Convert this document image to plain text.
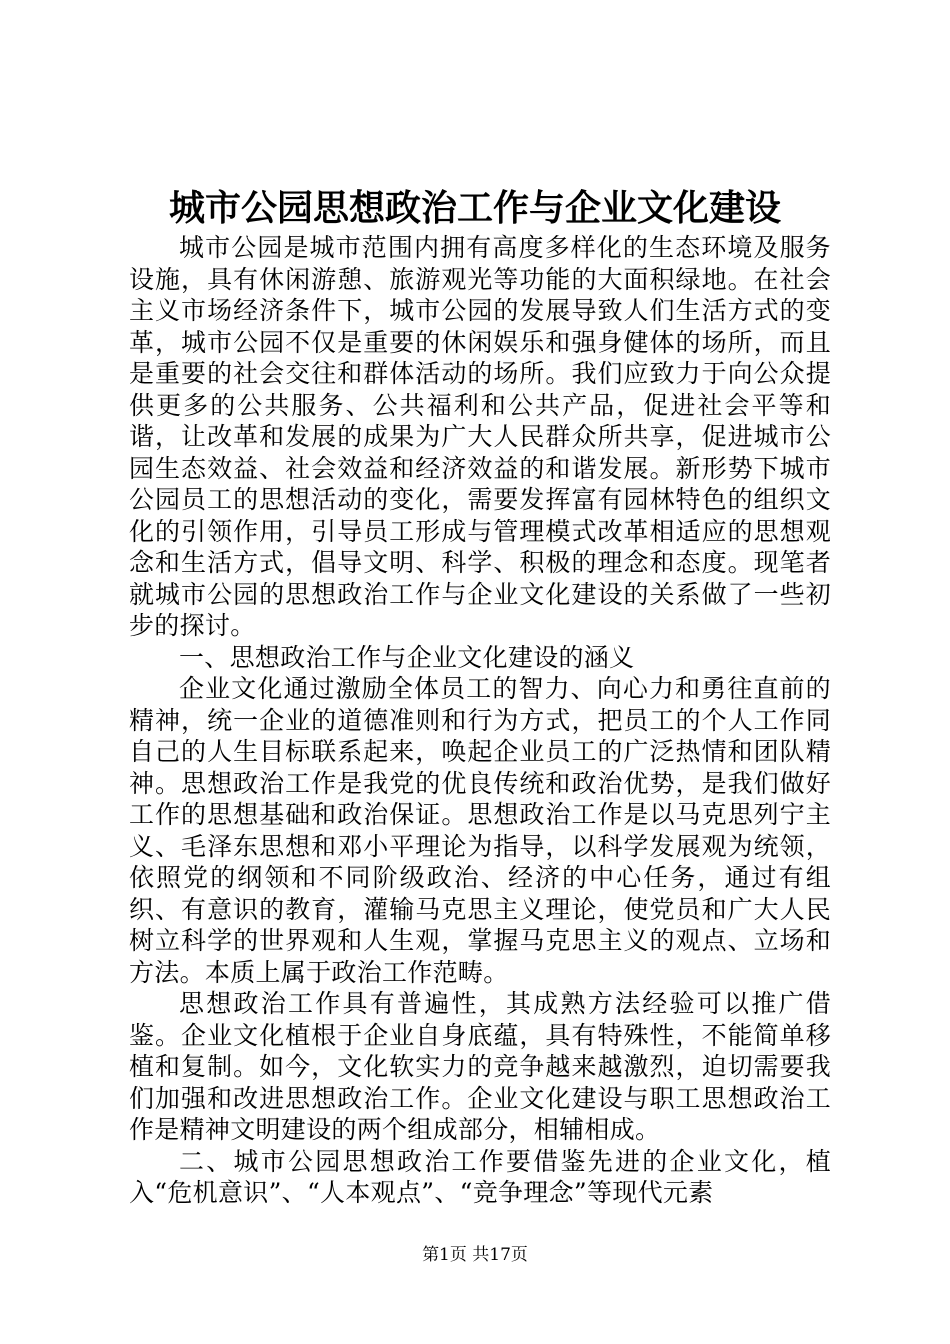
城市公园思想政治工作与企业文化建设

城市公园是城市范围内拥有高度多样化的生态环境及服务设施，具有休闲游憩、旅游观光等功能的大面积绿地。在社会主义市场经济条件下，城市公园的发展导致人们生活方式的变革，城市公园不仅是重要的休闲娱乐和强身健体的场所，而且是重要的社会交往和群体活动的场所。我们应致力于向公众提供更多的公共服务、公共福利和公共产品，促进社会平等和谐，让改革和发展的成果为广大人民群众所共享，促进城市公园生态效益、社会效益和经济效益的和谐发展。新形势下城市公园员工的思想活动的变化，需要发挥富有园林特色的组织文化的引领作用，引导员工形成与管理模式改革相适应的思想观念和生活方式，倡导文明、科学、积极的理念和态度。现笔者就城市公园的思想政治工作与企业文化建设的关系做了一些初步的探讨。

一、思想政治工作与企业文化建设的涵义

企业文化通过激励全体员工的智力、向心力和勇往直前的精神，统一企业的道德准则和行为方式，把员工的个人工作同自己的人生目标联系起来，唤起企业员工的广泛热情和团队精神。思想政治工作是我党的优良传统和政治优势，是我们做好工作的思想基础和政治保证。思想政治工作是以马克思列宁主义、毛泽东思想和邓小平理论为指导，以科学发展观为统领，依照党的纲领和不同阶级政治、经济的中心任务，通过有组织、有意识的教育，灌输马克思主义理论，使党员和广大人民树立科学的世界观和人生观，掌握马克思主义的观点、立场和方法。本质上属于政治工作范畴。

思想政治工作具有普遍性，其成熟方法经验可以推广借鉴。企业文化植根于企业自身底蕴，具有特殊性，不能简单移植和复制。如今，文化软实力的竞争越来越激烈，迫切需要我们加强和改进思想政治工作。企业文化建设与职工思想政治工作是精神文明建设的两个组成部分，相辅相成。

二、城市公园思想政治工作要借鉴先进的企业文化，植入“危机意识”、“人本观点”、“竞争理念”等现代元素

第1页 共17页
